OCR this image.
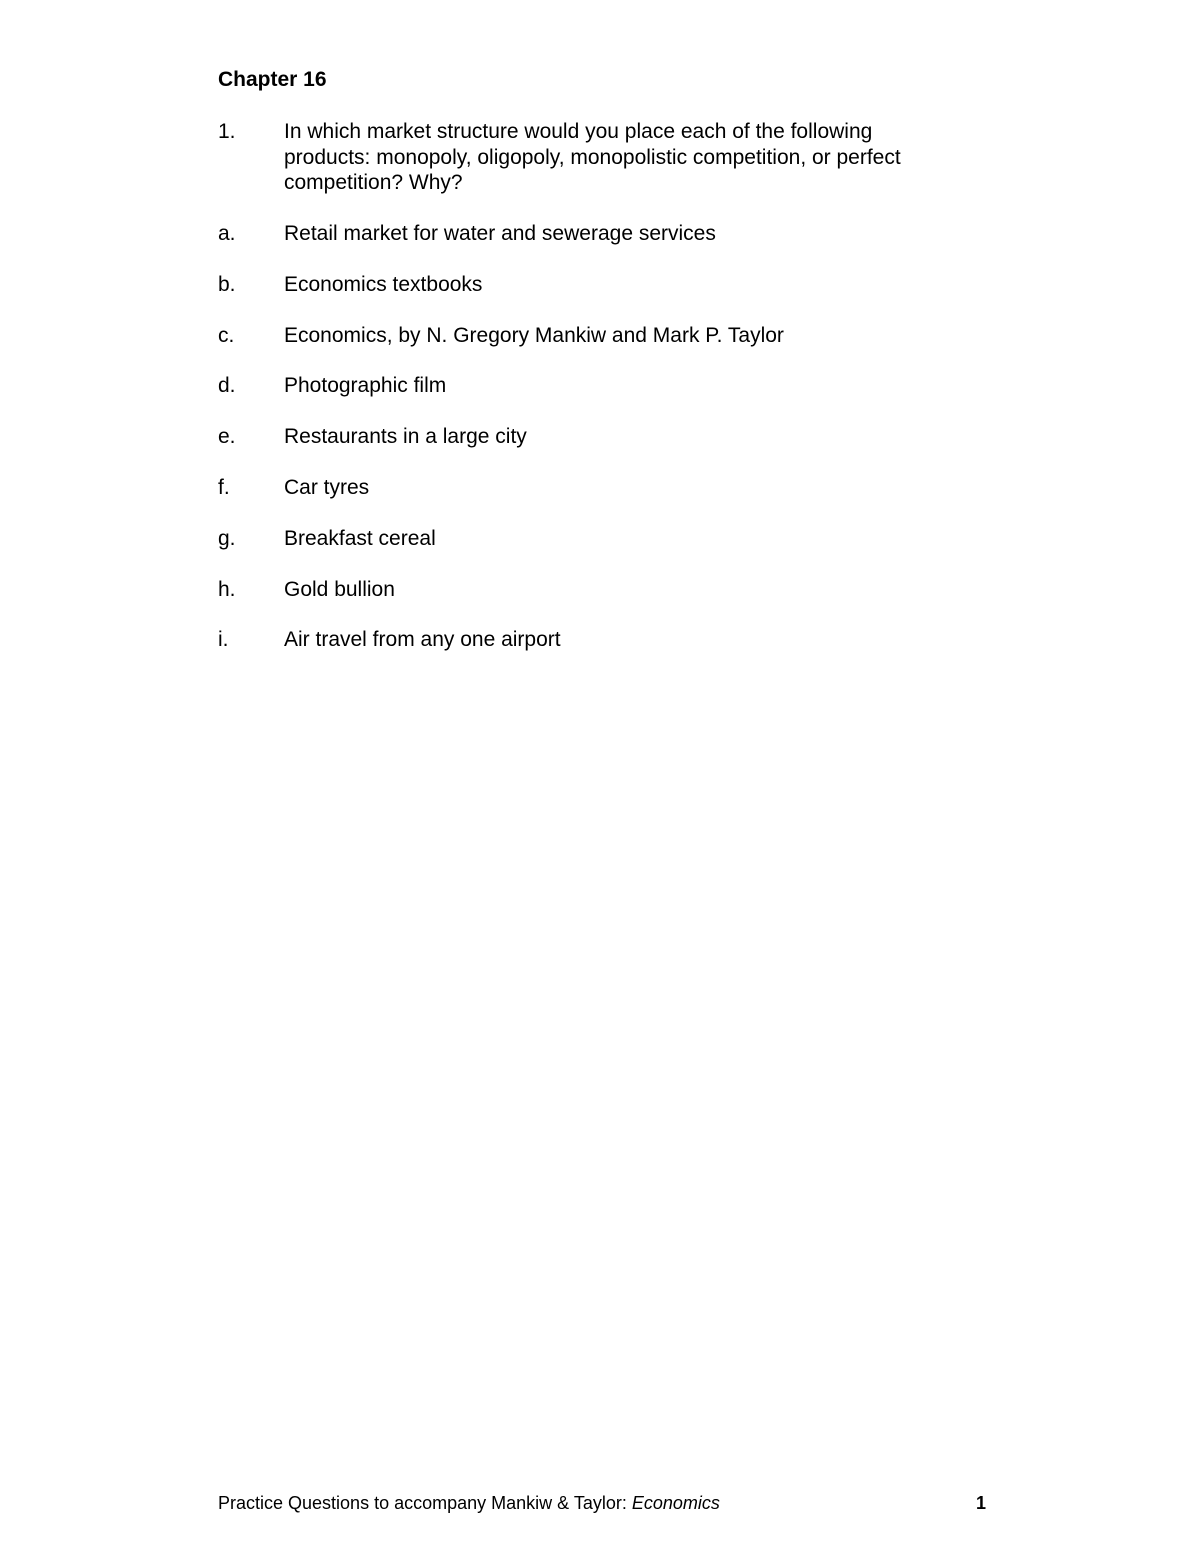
Chapter 16
1.	In which market structure would you place each of the following products: monopoly, oligopoly, monopolistic competition, or perfect competition? Why?
a.	Retail market for water and sewerage services
b.	Economics textbooks
c.	Economics, by N. Gregory Mankiw and Mark P. Taylor
d.	Photographic film
e.	Restaurants in a large city
f.	Car tyres
g.	Breakfast cereal
h.	Gold bullion
i.	Air travel from any one airport
Practice Questions to accompany Mankiw & Taylor: Economics	1
